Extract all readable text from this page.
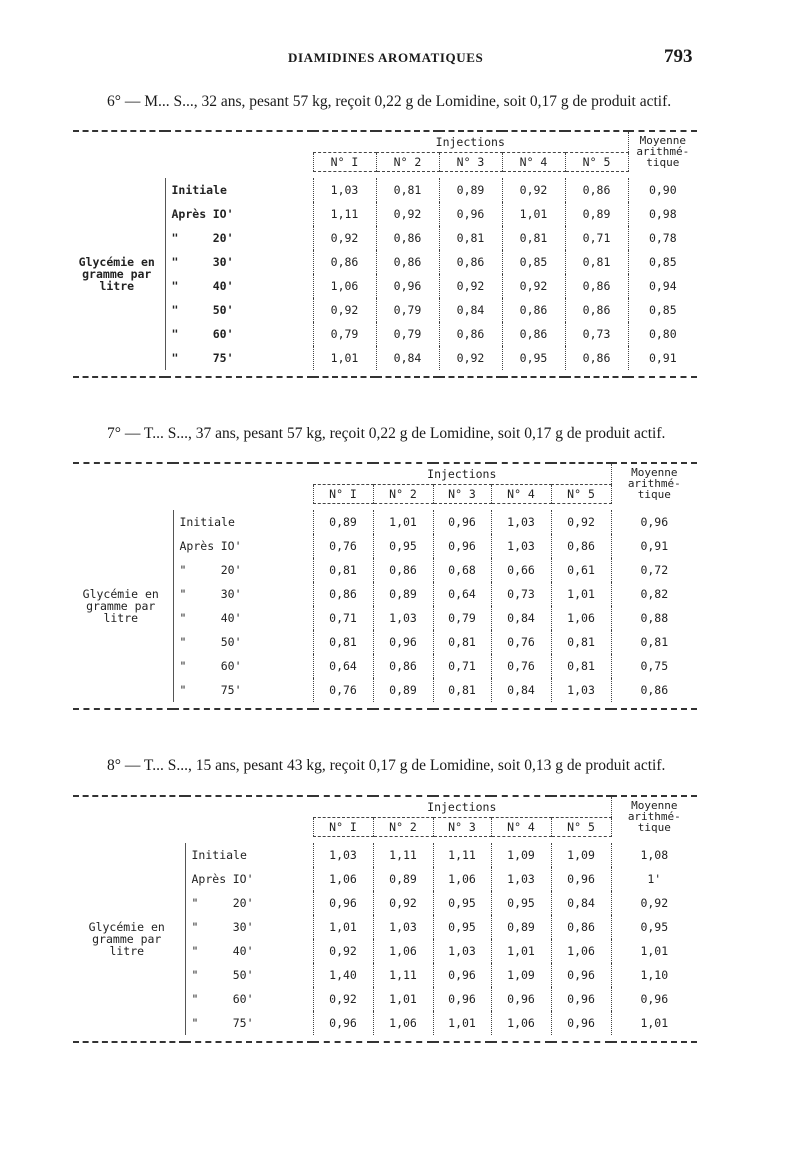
DIAMIDINES AROMATIQUES	793
6° — M... S..., 32 ans, pesant 57 kg, reçoit 0,22 g de Lomidine, soit 0,17 g de produit actif.
		Injections					Moyenne arithmé- tique
		N° I	N° 2	N° 3	N° 4	N° 5	

Glycémie en gramme par litre	Initiale	1,03	0,81	0,89	0,92	0,86	0,90
	Après IO'	1,11	0,92	0,96	1,01	0,89	0,98
	" 20'	0,92	0,86	0,81	0,81	0,71	0,78
	" 30'	0,86	0,86	0,86	0,85	0,81	0,85
	" 40'	1,06	0,96	0,92	0,92	0,86	0,94
	" 50'	0,92	0,79	0,84	0,86	0,86	0,85
	" 60'	0,79	0,79	0,86	0,86	0,73	0,80
	" 75'	1,01	0,84	0,92	0,95	0,86	0,91

7° — T... S..., 37 ans, pesant 57 kg, reçoit 0,22 g de Lomidine, soit 0,17 g de produit actif.
		Injections					Moyenne arithmé- tique
		N° I	N° 2	N° 3	N° 4	N° 5	

Glycémie en gramme par litre	Initiale	0,89	1,01	0,96	1,03	0,92	0,96
	Après IO'	0,76	0,95	0,96	1,03	0,86	0,91
	" 20'	0,81	0,86	0,68	0,66	0,61	0,72
	" 30'	0,86	0,89	0,64	0,73	1,01	0,82
	" 40'	0,71	1,03	0,79	0,84	1,06	0,88
	" 50'	0,81	0,96	0,81	0,76	0,81	0,81
	" 60'	0,64	0,86	0,71	0,76	0,81	0,75
	" 75'	0,76	0,89	0,81	0,84	1,03	0,86

8° — T... S..., 15 ans, pesant 43 kg, reçoit 0,17 g de Lomidine, soit 0,13 g de produit actif.
		Injections					Moyenne arithmé- tique
		N° I	N° 2	N° 3	N° 4	N° 5	

Glycémie en gramme par litre	Initiale	1,03	1,11	1,11	1,09	1,09	1,08
	Après IO'	1,06	0,89	1,06	1,03	0,96	1'
	" 20'	0,96	0,92	0,95	0,95	0,84	0,92
	" 30'	1,01	1,03	0,95	0,89	0,86	0,95
	" 40'	0,92	1,06	1,03	1,01	1,06	1,01
	" 50'	1,40	1,11	0,96	1,09	0,96	1,10
	" 60'	0,92	1,01	0,96	0,96	0,96	0,96
	" 75'	0,96	1,06	1,01	1,06	0,96	1,01
